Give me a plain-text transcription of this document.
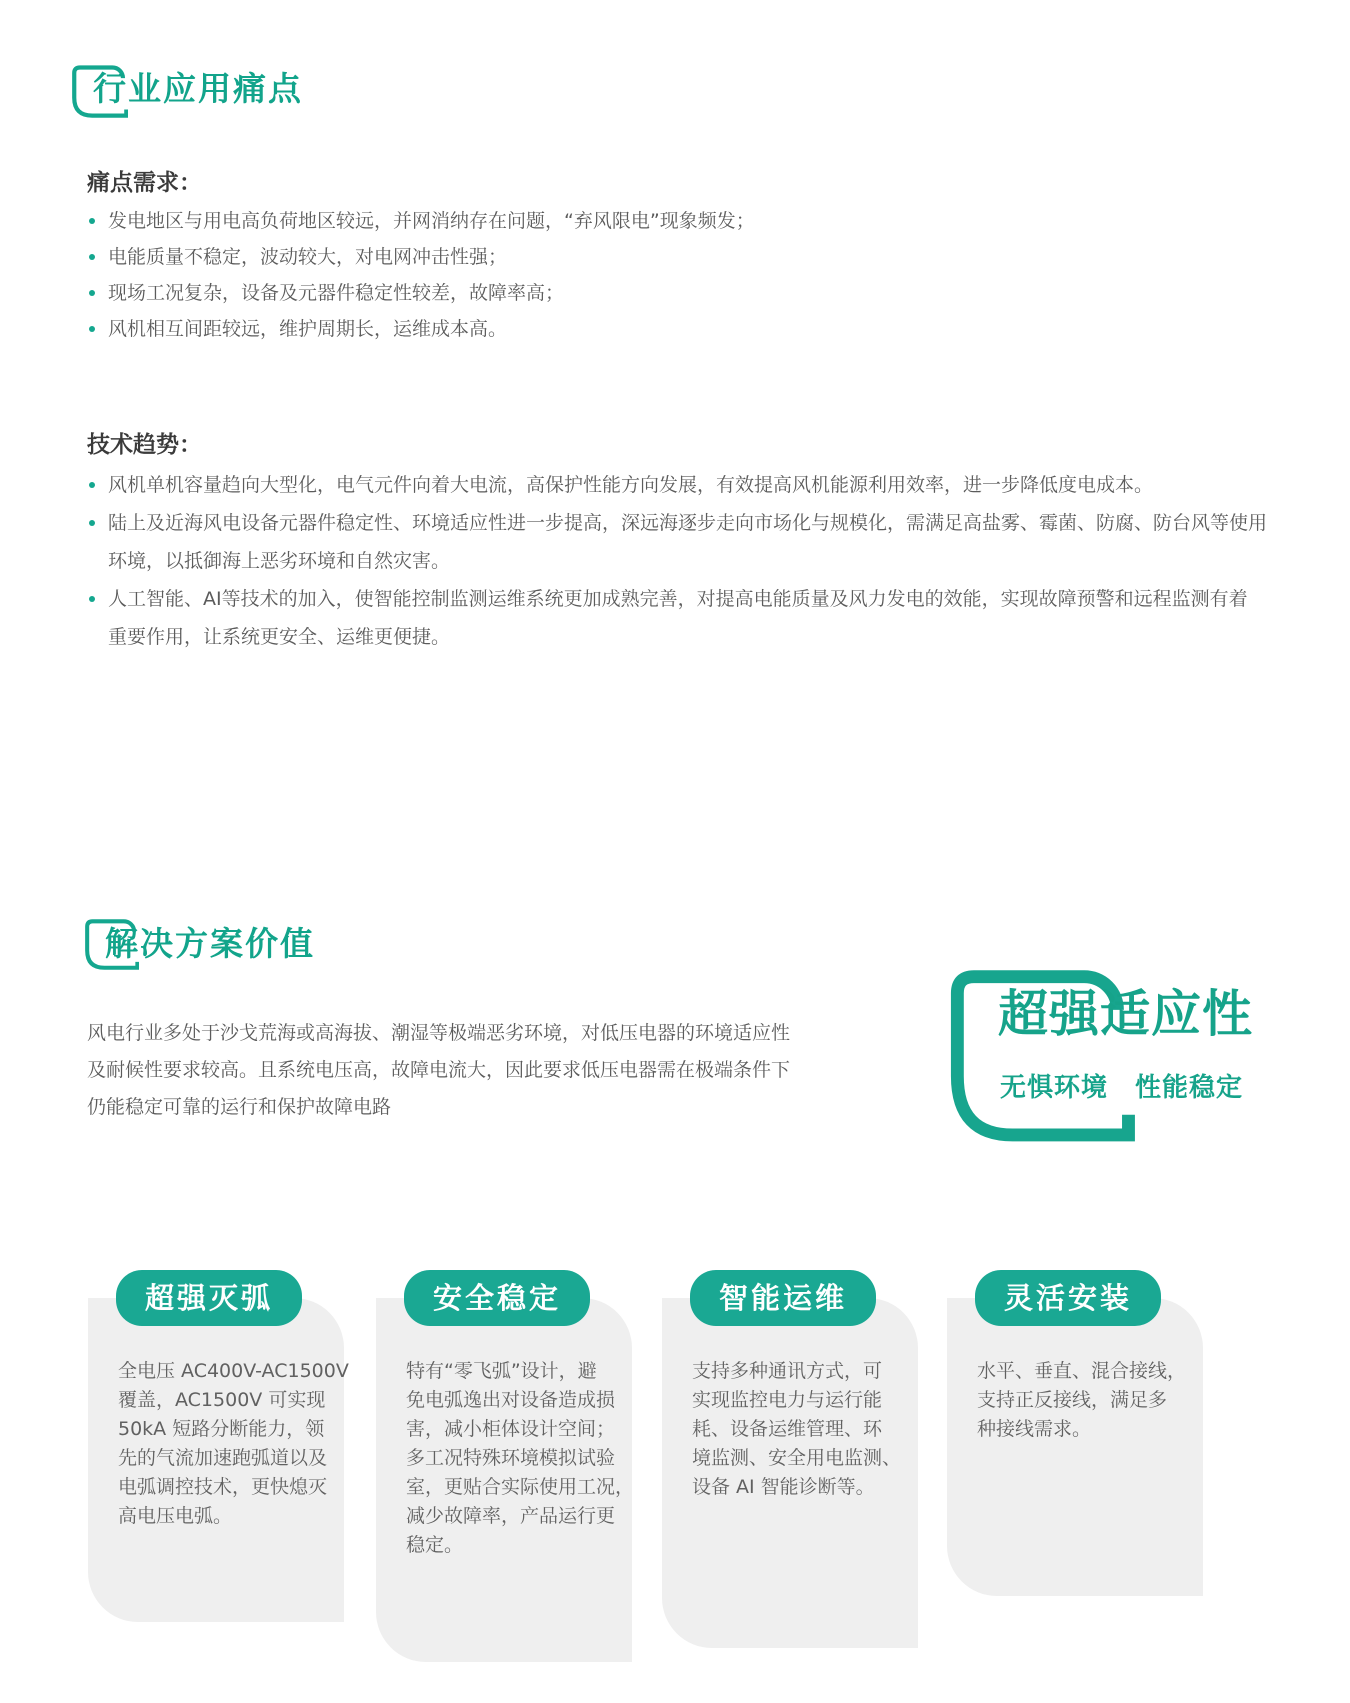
行业应用痛点
痛点需求：
发电地区与用电高负荷地区较远，并网消纳存在问题，“弃风限电”现象频发；
电能质量不稳定，波动较大，对电网冲击性强；
现场工况复杂，设备及元器件稳定性较差，故障率高；
风机相互间距较远，维护周期长，运维成本高。
技术趋势：
风机单机容量趋向大型化，电气元件向着大电流，高保护性能方向发展，有效提高风机能源利用效率，进一步降低度电成本。
陆上及近海风电设备元器件稳定性、环境适应性进一步提高，深远海逐步走向市场化与规模化，需满足高盐雾、霉菌、防腐、防台风等使用
环境，以抵御海上恶劣环境和自然灾害。
人工智能、AI等技术的加入，使智能控制监测运维系统更加成熟完善，对提高电能质量及风力发电的效能，实现故障预警和远程监测有着
重要作用，让系统更安全、运维更便捷。
解决方案价值
风电行业多处于沙戈荒海或高海拔、潮湿等极端恶劣环境，对低压电器的环境适应性
及耐候性要求较高。且系统电压高，故障电流大，因此要求低压电器需在极端条件下
仍能稳定可靠的运行和保护故障电路
超强适应性
无惧环境　性能稳定
超强灭弧
全电压 AC400V-AC1500V
覆盖，AC1500V 可实现
50kA 短路分断能力，领
先的气流加速跑弧道以及
电弧调控技术，更快熄灭
高电压电弧。
安全稳定
特有“零飞弧”设计，避
免电弧逸出对设备造成损
害，减小柜体设计空间；
多工况特殊环境模拟试验
室，更贴合实际使用工况，
减少故障率，产品运行更
稳定。
智能运维
支持多种通讯方式，可
实现监控电力与运行能
耗、设备运维管理、环
境监测、安全用电监测、
设备 AI 智能诊断等。
灵活安装
水平、垂直、混合接线，
支持正反接线，满足多
种接线需求。
